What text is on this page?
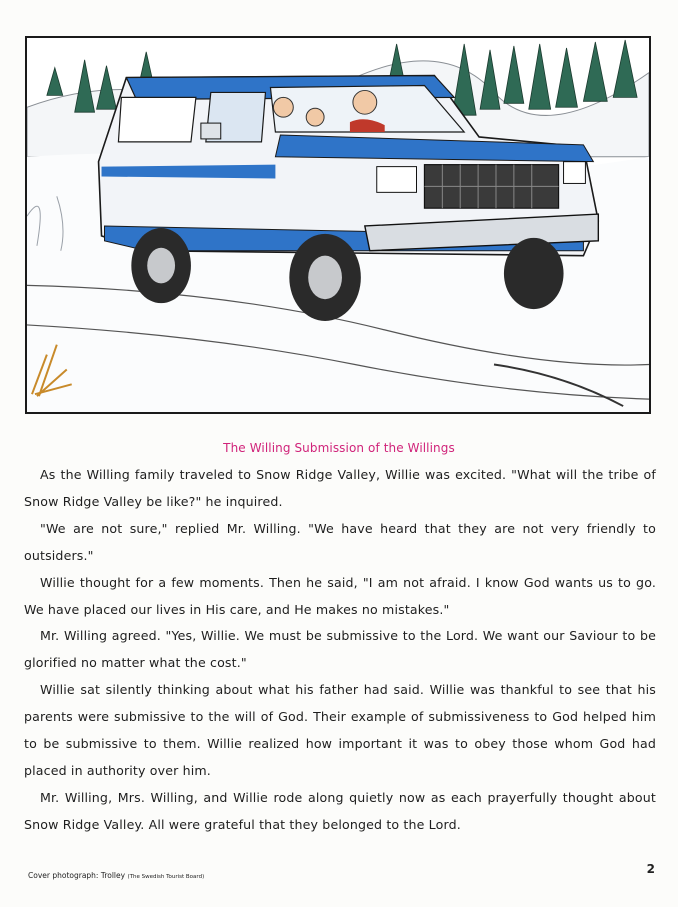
The Willing Submission of the Willings

As the Willing family traveled to Snow Ridge Valley, Willie was excited. "What will the tribe of Snow Ridge Valley be like?" he inquired.

"We are not sure," replied Mr. Willing. "We have heard that they are not very friendly to outsiders."

Willie thought for a few moments. Then he said, "I am not afraid. I know God wants us to go. We have placed our lives in His care, and He makes no mistakes."

Mr. Willing agreed. "Yes, Willie. We must be submissive to the Lord. We want our Saviour to be glorified no matter what the cost."

Willie sat silently thinking about what his father had said. Willie was thankful to see that his parents were submissive to the will of God. Their example of submissiveness to God helped him to be submissive to them. Willie realized how important it was to obey those whom God had placed in authority over him.

Mr. Willing, Mrs. Willing, and Willie rode along quietly now as each prayerfully thought about Snow Ridge Valley. All were grateful that they belonged to the Lord.

Cover photograph: Trolley (The Swedish Tourist Board)
2
